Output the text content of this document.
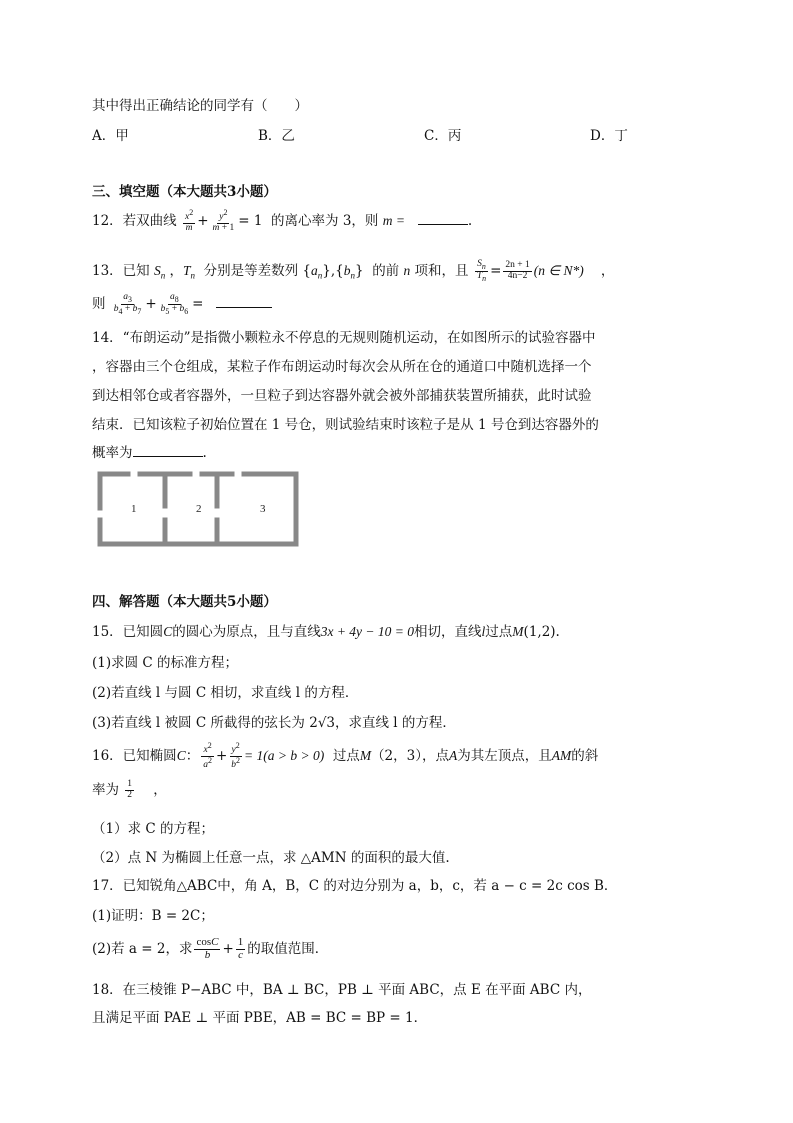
其中得出正确结论的同学有（　　）
A．甲	B．乙	C．丙	D．丁
三、填空题（本大题共3小题）
12．若双曲线 $\frac{x^2}{m} + \frac{y^2}{m + 1} = 1$  的离心率为 3，则 m =	.
13．已知 $S_n$ ，$T_n$ 分别是等差数列 $\{a_n\},\{b_n\}$  的前 n 项和，且 $\frac{S_n}{T_n} = \frac{2n + 1}{4n-2} (n$ ∈ N*)    ，
则 $\frac{a_3}{b_4 + b_7} + \frac{a_8}{b_5 + b_6}$ =
14．“布朗运动”是指微小颗粒永不停息的无规则随机运动，在如图所示的试验容器中
，容器由三个仓组成，某粒子作布朗运动时每次会从所在仓的通道口中随机选择一个
到达相邻仓或者容器外，一旦粒子到达容器外就会被外部捕获装置所捕获，此时试验
结束．已知该粒子初始位置在 1 号仓，则试验结束时该粒子是从 1 号仓到达容器外的
概率为	.
1	2	3
四、解答题（本大题共5小题）
15．已知圆C的圆心为原点，且与直线3x + 4y − 10 = 0相切，直线l过点M(1,2).
(1)求圆 C 的标准方程；
(2)若直线 l 与圆 C 相切，求直线 l 的方程．
(3)若直线 l 被圆 C 所截得的弦长为 2√3，求直线 l 的方程．
16．已知椭圆C： $\frac{x^2}{a^2} + \frac{y^2}{b^2} = 1(a > b > 0)$ 过点M（2，3），点A为其左顶点，且AM的斜
率为 $\frac{1}{2}$ ，
（1）求 C 的方程；
（2）点 N 为椭圆上任意一点，求 △AMN 的面积的最大值.
17．已知锐角△ABC中，角 A，B，C 的对边分别为 a，b，c，若 a − c = 2c cos B．
(1)证明：B = 2C；
(2)若 a = 2，求 $\frac{\cos C}{b} + \frac{1}{c}$ 的取值范围．
18．在三棱锥 P−ABC 中，BA ⊥ BC，PB ⊥ 平面 ABC，点 E 在平面 ABC 内，
且满足平面 PAE ⊥ 平面 PBE，AB = BC = BP = 1．
